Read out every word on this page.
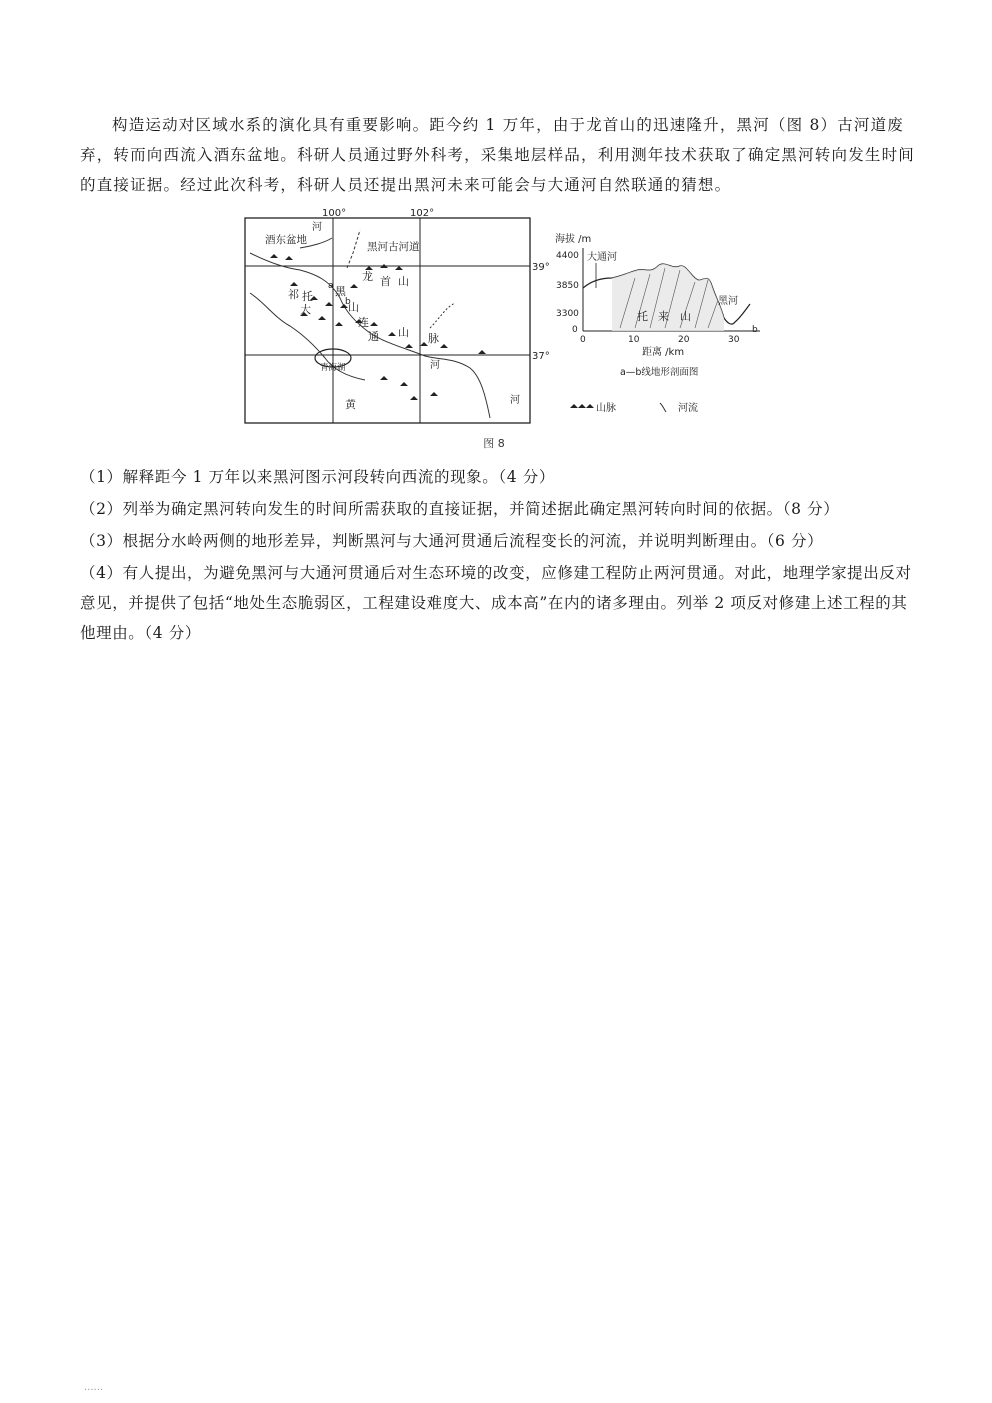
构造运动对区域水系的演化具有重要影响。距今约 1 万年，由于龙首山的迅速隆升，黑河（图 8）古河道废弃，转而向西流入酒东盆地。科研人员通过野外科考，采集地层样品，利用测年技术获取了确定黑河转向发生时间的直接证据。经过此次科考，科研人员还提出黑河未来可能会与大通河自然联通的猜想。

100°	102°
39°
37°
酒东盆地
黑河古河道
河
龙 首 山
祁 托
大
黑
山
连
通 山 脉
青海湖	河
黄	河
a
b
海拔 /m
4400
3850
3300
0
0	10	20	30
大通河
黑河
托 来 山
b
距离 /km
a—b线地形剖面图
山脉	河流
图 8

（1）解释距今 1 万年以来黑河图示河段转向西流的现象。（4 分）

（2）列举为确定黑河转向发生的时间所需获取的直接证据，并简述据此确定黑河转向时间的依据。（8 分）

（3）根据分水岭两侧的地形差异，判断黑河与大通河贯通后流程变长的河流，并说明判断理由。（6 分）

（4）有人提出，为避免黑河与大通河贯通后对生态环境的改变，应修建工程防止两河贯通。对此，地理学家提出反对意见，并提供了包括“地处生态脆弱区，工程建设难度大、成本高”在内的诸多理由。列举 2 项反对修建上述工程的其他理由。（4 分）

......
